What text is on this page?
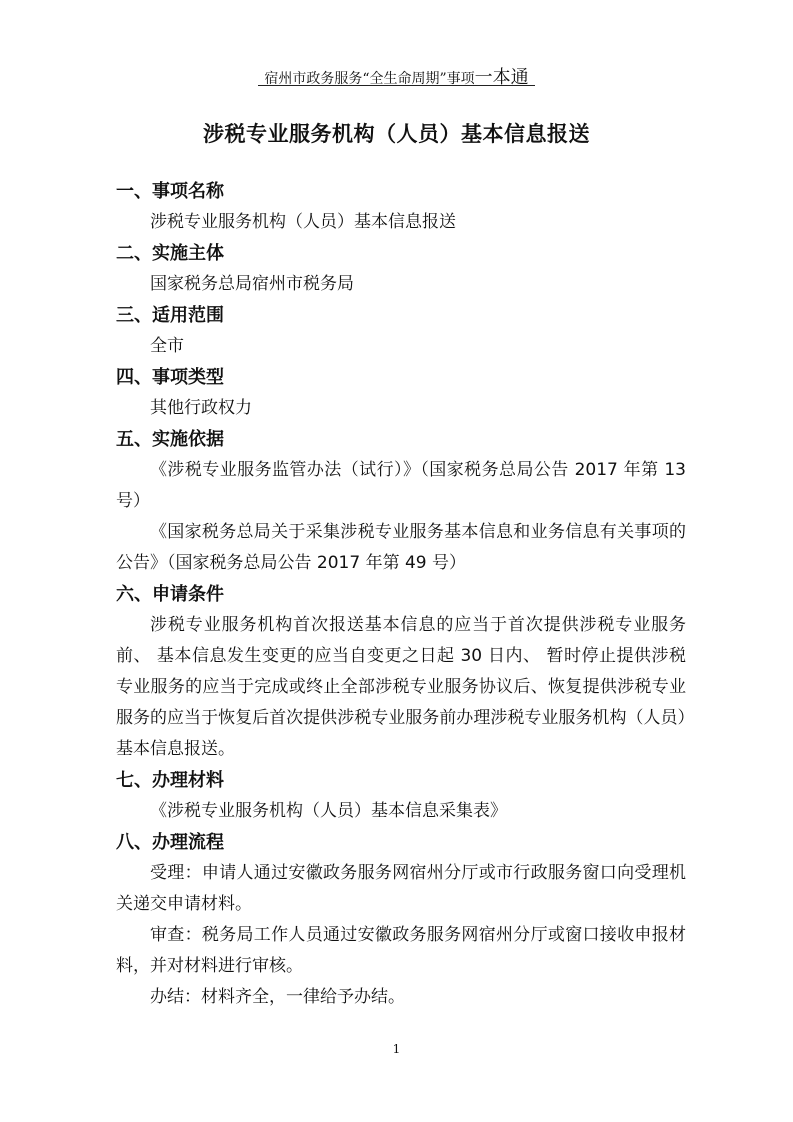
宿州市政务服务“全生命周期”事项一本通
涉税专业服务机构（人员）基本信息报送
一、事项名称

涉税专业服务机构（人员）基本信息报送

二、实施主体

国家税务总局宿州市税务局

三、适用范围

全市

四、事项类型

其他行政权力

五、实施依据

《涉税专业服务监管办法（试行）》（国家税务总局公告 2017 年第 13 号）

《国家税务总局关于采集涉税专业服务基本信息和业务信息有关事项的公告》（国家税务总局公告 2017 年第 49 号）

六、申请条件

涉税专业服务机构首次报送基本信息的应当于首次提供涉税专业服务前、 基本信息发生变更的应当自变更之日起 30 日内、 暂时停止提供涉税专业服务的应当于完成或终止全部涉税专业服务协议后、恢复提供涉税专业服务的应当于恢复后首次提供涉税专业服务前办理涉税专业服务机构（人员）基本信息报送。

七、办理材料

《涉税专业服务机构（人员）基本信息采集表》

八、办理流程

受理：申请人通过安徽政务服务网宿州分厅或市行政服务窗口向受理机关递交申请材料。

审查：税务局工作人员通过安徽政务服务网宿州分厅或窗口接收申报材料，并对材料进行审核。

办结：材料齐全，一律给予办结。

1
